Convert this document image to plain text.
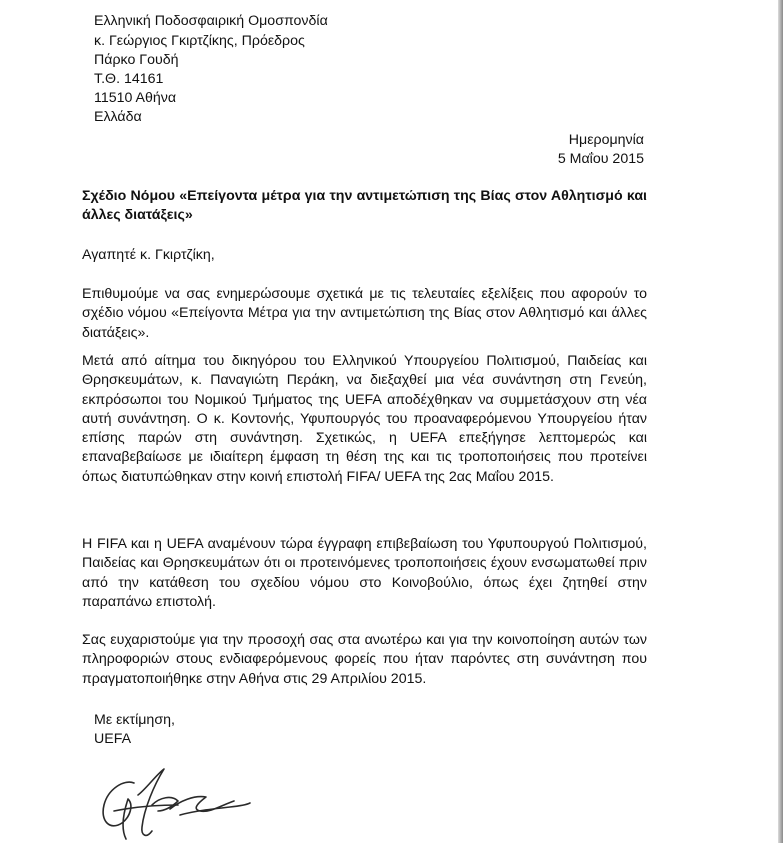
Ελληνική Ποδοσφαιρική Ομοσπονδία
κ. Γεώργιος Γκιρτζίκης, Πρόεδρος
Πάρκο Γουδή
Τ.Θ. 14161
11510 Αθήνα
Ελλάδα
Ημερομηνία
5 Μαΐου 2015
Σχέδιο Νόμου «Επείγοντα μέτρα για την αντιμετώπιση της Βίας στον Αθλητισμό και άλλες διατάξεις»
Αγαπητέ κ. Γκιρτζίκη,
Επιθυμούμε να σας ενημερώσουμε σχετικά με τις τελευταίες εξελίξεις που αφορούν το σχέδιο νόμου «Επείγοντα Μέτρα για την αντιμετώπιση της Βίας στον Αθλητισμό και άλλες διατάξεις».
Μετά από αίτημα του δικηγόρου του Ελληνικού Υπουργείου Πολιτισμού, Παιδείας και Θρησκευμάτων, κ. Παναγιώτη Περάκη, να διεξαχθεί μια νέα συνάντηση στη Γενεύη, εκπρόσωποι του Νομικού Τμήματος της UEFA αποδέχθηκαν να συμμετάσχουν στη νέα αυτή συνάντηση. Ο κ. Κοντονής, Υφυπουργός του προαναφερόμενου Υπουργείου ήταν επίσης παρών στη συνάντηση. Σχετικώς, η UEFA επεξήγησε λεπτομερώς και επαναβεβαίωσε με ιδιαίτερη έμφαση τη θέση της και τις τροποποιήσεις που προτείνει όπως διατυπώθηκαν στην κοινή επιστολή FIFA/ UEFA της 2ας Μαΐου 2015.
Η FIFA και η UEFA αναμένουν τώρα έγγραφη επιβεβαίωση του Υφυπουργού Πολιτισμού, Παιδείας και Θρησκευμάτων ότι οι προτεινόμενες τροποποιήσεις έχουν ενσωματωθεί πριν από την κατάθεση του σχεδίου νόμου στο Κοινοβούλιο, όπως έχει ζητηθεί στην παραπάνω επιστολή.
Σας ευχαριστούμε για την προσοχή σας στα ανωτέρω και για την κοινοποίηση αυτών των πληροφοριών στους ενδιαφερόμενους φορείς που ήταν παρόντες στη συνάντηση που πραγματοποιήθηκε στην Αθήνα στις 29 Απριλίου 2015.
Με εκτίμηση,
UEFA
